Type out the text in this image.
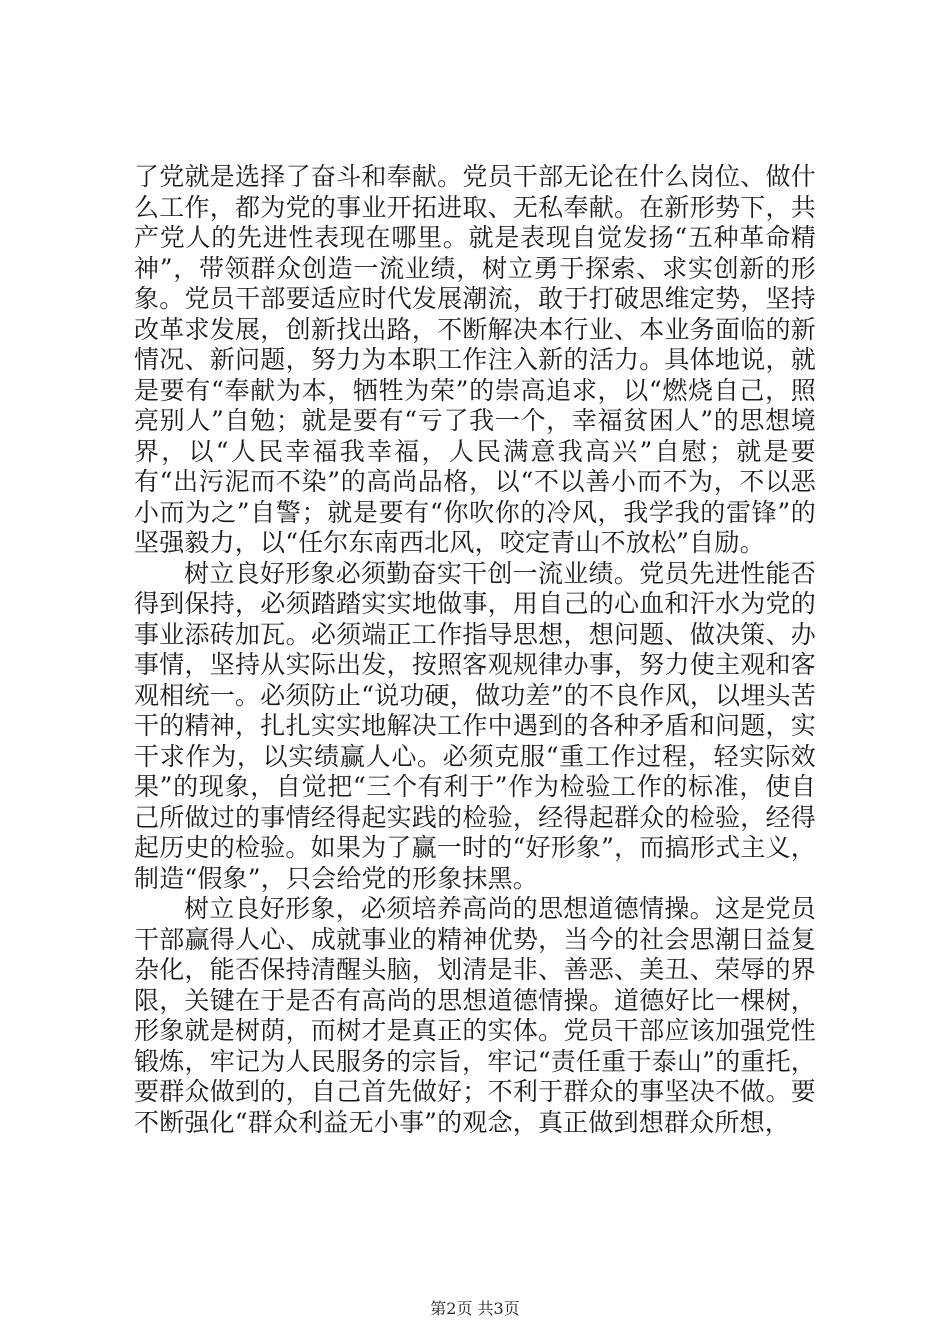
了党就是选择了奋斗和奉献。党员干部无论在什么岗位、做什么工作，都为党的事业开拓进取、无私奉献。在新形势下，共产党人的先进性表现在哪里。就是表现自觉发扬“五种革命精神”，带领群众创造一流业绩，树立勇于探索、求实创新的形象。党员干部要适应时代发展潮流，敢于打破思维定势，坚持改革求发展，创新找出路，不断解决本行业、本业务面临的新情况、新问题，努力为本职工作注入新的活力。具体地说，就是要有“奉献为本，牺牲为荣”的崇高追求，以“燃烧自己，照亮别人”自勉；就是要有“亏了我一个，幸福贫困人”的思想境界，以“人民幸福我幸福，人民满意我高兴”自慰；就是要有“出污泥而不染”的高尚品格，以“不以善小而不为，不以恶小而为之”自警；就是要有“你吹你的冷风，我学我的雷锋”的坚强毅力，以“任尔东南西北风，咬定青山不放松”自励。

树立良好形象必须勤奋实干创一流业绩。党员先进性能否得到保持，必须踏踏实实地做事，用自己的心血和汗水为党的事业添砖加瓦。必须端正工作指导思想，想问题、做决策、办事情，坚持从实际出发，按照客观规律办事，努力使主观和客观相统一。必须防止“说功硬，做功差”的不良作风，以埋头苦干的精神，扎扎实实地解决工作中遇到的各种矛盾和问题，实干求作为，以实绩赢人心。必须克服“重工作过程，轻实际效果”的现象，自觉把“三个有利于”作为检验工作的标准，使自己所做过的事情经得起实践的检验，经得起群众的检验，经得起历史的检验。如果为了赢一时的“好形象”，而搞形式主义，制造“假象”，只会给党的形象抹黑。

树立良好形象，必须培养高尚的思想道德情操。这是党员干部赢得人心、成就事业的精神优势，当今的社会思潮日益复杂化，能否保持清醒头脑，划清是非、善恶、美丑、荣辱的界限，关键在于是否有高尚的思想道德情操。道德好比一棵树，形象就是树荫，而树才是真正的实体。党员干部应该加强党性锻炼，牢记为人民服务的宗旨，牢记“责任重于泰山”的重托，要群众做到的，自己首先做好；不利于群众的事坚决不做。要不断强化“群众利益无小事”的观念，真正做到想群众所想，

第2页 共3页
